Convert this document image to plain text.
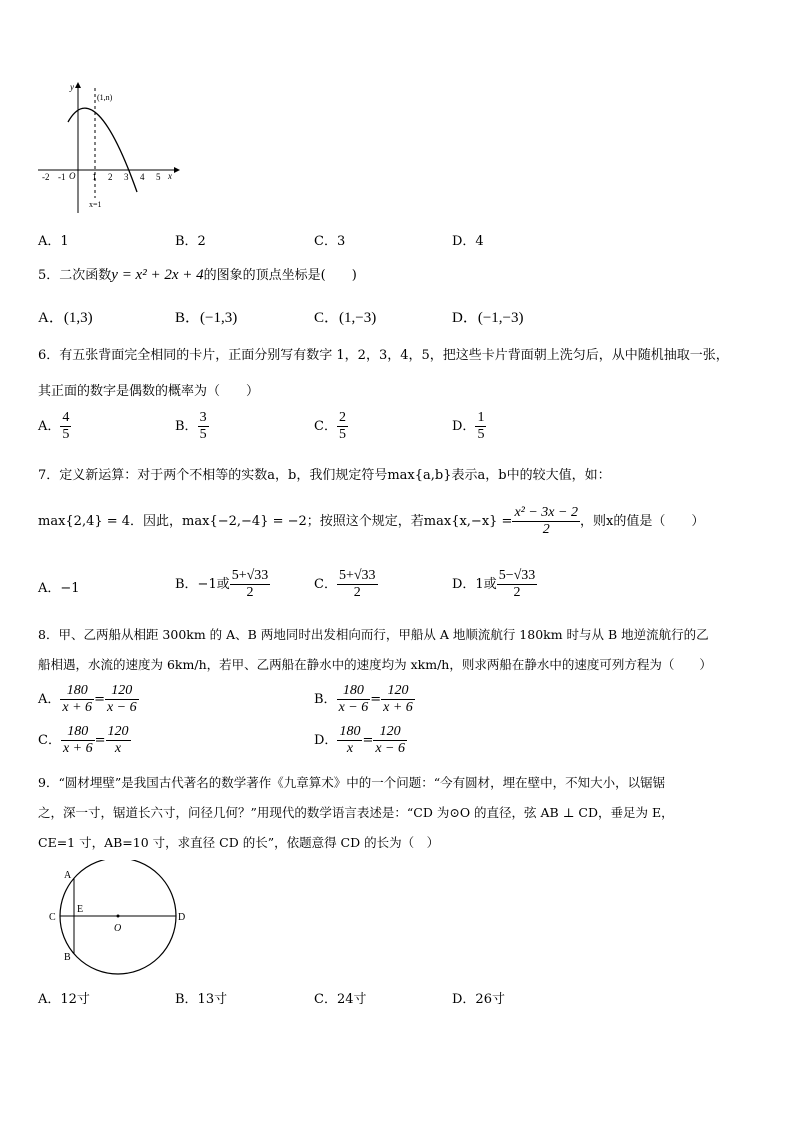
y
x
(1,n)
x=1
O
-2 -1	1 2 3 4 5
A．1	B．2	C．3	D．4
5．二次函数y = x² + 2x + 4的图象的顶点坐标是(　　)
A．(1,3)	B．(−1,3)	C．(1,−3)	D．(−1,−3)
6．有五张背面完全相同的卡片，正面分别写有数字 1，2，3，4，5，把这些卡片背面朝上洗匀后，从中随机抽取一张，
其正面的数字是偶数的概率为（　　）
A． $\frac{4}{5}$	B． $\frac{3}{5}$	C． $\frac{2}{5}$	D． $\frac{1}{5}$
7．定义新运算：对于两个不相等的实数a，b，我们规定符号max{a,b}表示a，b中的较大值，如：
max{2,4} = 4．因此，max{−2,−4} = −2；按照这个规定，若$\max\{x,-x\} = \frac{\text{x² − 3x − 2}}{2}$ ，则x的值是（　　）
A．−1	B．−1或 $\frac{5+√33}{2}$	C． $\frac{5+√33}{2}$	D．1或 $\frac{5-√33}{2}$
8．甲、乙两船从相距 300km 的 A、B 两地同时出发相向而行，甲船从 A 地顺流航行 180km 时与从 B 地逆流航行的乙
船相遇，水流的速度为 6km/h，若甲、乙两船在静水中的速度均为 xkm/h，则求两船在静水中的速度可列方程为（　　）
A． $\frac{180}{x + 6} = \frac{120}{x - 6}$	B． $\frac{180}{x - 6} = \frac{120}{x + 6}$
C． $\frac{180}{x + 6} = \frac{120}{x}$	D． $\frac{180}{x} = \frac{120}{x - 6}$
9．“圆材埋壁”是我国古代著名的数学著作《九章算术》中的一个问题：“今有圆材，埋在壁中，不知大小，以锯锯
之，深一寸，锯道长六寸，问径几何？”用现代的数学语言表述是：“CD 为⊙O 的直径，弦 AB ⊥ CD，垂足为 E，
CE=1 寸，AB=10 寸，求直径 CD 的长”，依题意得 CD 的长为（　）
A
B
C	D
E
O
A．12寸	B．13寸	C．24寸	D．26寸
